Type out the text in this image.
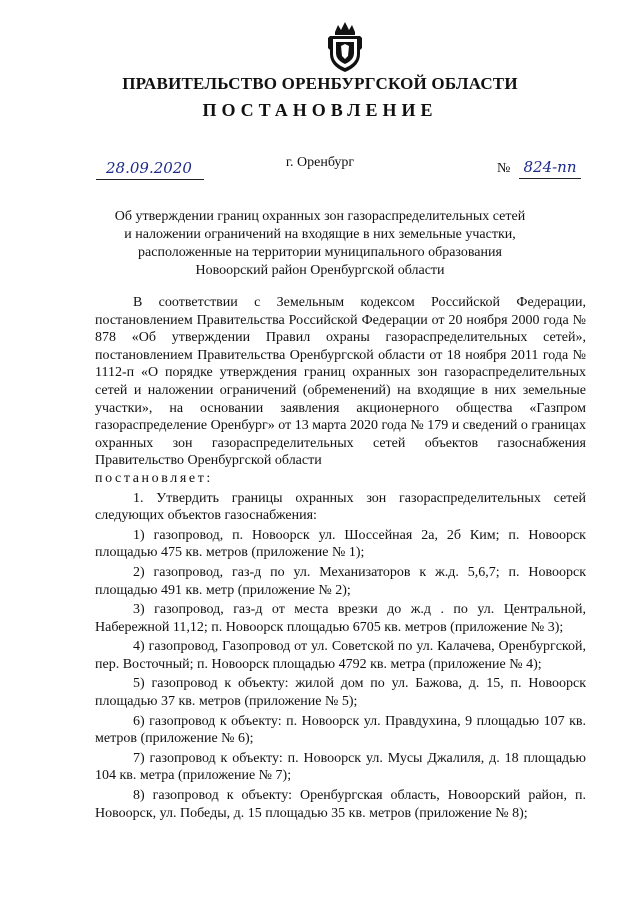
ПРАВИТЕЛЬСТВО ОРЕНБУРГСКОЙ ОБЛАСТИ
ПОСТАНОВЛЕНИЕ
28.09.2020	г. Оренбург	№ 824-пп
Об утверждении границ охранных зон газораспределительных сетей
и наложении ограничений на входящие в них земельные участки,
расположенные на территории муниципального образования
Новоорский район Оренбургской области

В соответствии с Земельным кодексом Российской Федерации, постановлением Правительства Российской Федерации от 20 ноября 2000 года № 878 «Об утверждении Правил охраны газораспределительных сетей», постановлением Правительства Оренбургской области от 18 ноября 2011 года № 1112-п «О порядке утверждения границ охранных зон газораспределительных сетей и наложении ограничений (обременений) на входящие в них земельные участки», на основании заявления акционерного общества «Газпром газораспределение Оренбург» от 13 марта 2020 года № 179 и сведений о границах охранных зон газораспределительных сетей объектов газоснабжения Правительство Оренбургской области

постановляет:

1. Утвердить границы охранных зон газораспределительных сетей следующих объектов газоснабжения:

1) газопровод, п. Новоорск ул. Шоссейная 2а, 2б Ким; п. Новоорск площадью 475 кв. метров (приложение № 1);

2) газопровод, газ-д по ул. Механизаторов к ж.д. 5,6,7; п. Новоорск площадью 491 кв. метр (приложение № 2);

3) газопровод, газ-д от места врезки до ж.д . по ул. Центральной, Набережной 11,12; п. Новоорск площадью 6705 кв. метров (приложение № 3);

4) газопровод, Газопровод от ул. Советской по ул. Калачева, Оренбургской, пер. Восточный; п. Новоорск площадью 4792 кв. метра (приложение № 4);

5) газопровод к объекту: жилой дом по ул. Бажова, д. 15, п. Новоорск площадью 37 кв. метров (приложение № 5);

6) газопровод к объекту: п. Новоорск ул. Правдухина, 9 площадью 107 кв. метров (приложение № 6);

7) газопровод к объекту: п. Новоорск ул. Мусы Джалиля, д. 18 площадью 104 кв. метра (приложение № 7);

8) газопровод к объекту: Оренбургская область, Новоорский район, п. Новоорск, ул. Победы, д. 15 площадью 35 кв. метров (приложение № 8);
